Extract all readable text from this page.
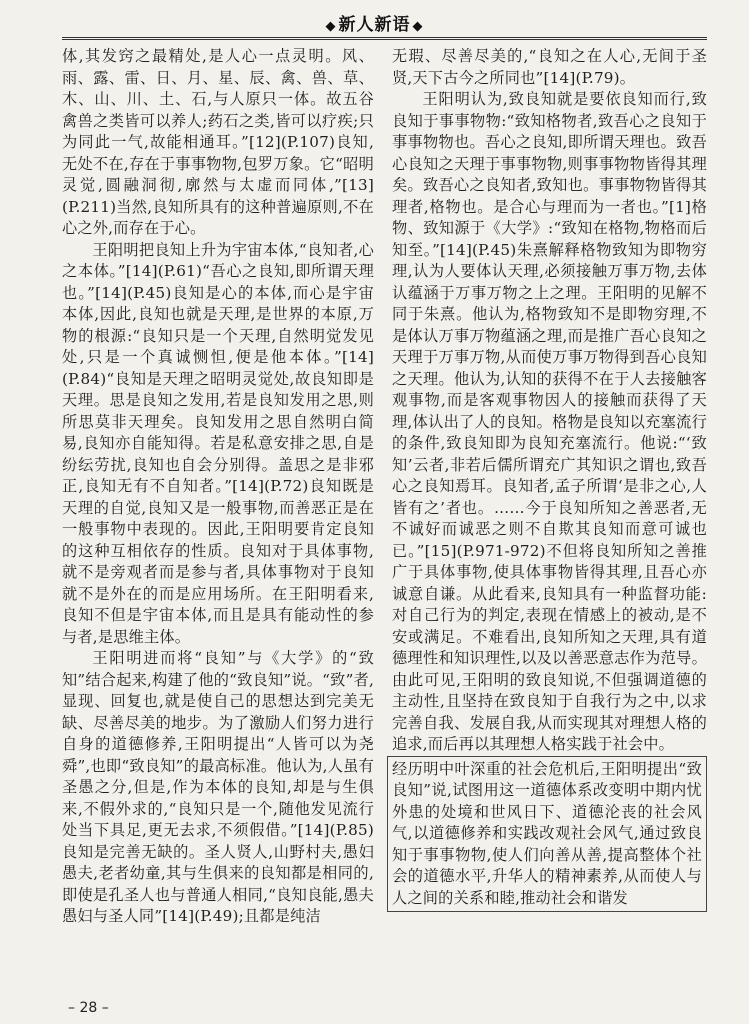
◆ 新人新语 ◆

体,其发窍之最精处,是人心一点灵明。风、雨、露、雷、日、月、星、辰、禽、兽、草、木、山、川、土、石,与人原只一体。故五谷禽兽之类皆可以养人;药石之类,皆可以疗疾;只为同此一气,故能相通耳。”[12](P.107)良知,无处不在,存在于事事物物,包罗万象。它“昭明灵觉,圆融洞彻,廓然与太虚而同体,”[13](P.211)当然,良知所具有的这种普遍原则,不在心之外,而存在于心。

王阳明把良知上升为宇宙本体,“良知者,心之本体。”[14](P.61)“吾心之良知,即所谓天理也。”[14](P.45)良知是心的本体,而心是宇宙本体,因此,良知也就是天理,是世界的本原,万物的根源:“良知只是一个天理,自然明觉发见处,只是一个真诚恻怛,便是他本体。”[14](P.84)“良知是天理之昭明灵觉处,故良知即是天理。思是良知之发用,若是良知发用之思,则所思莫非天理矣。良知发用之思自然明白简易,良知亦自能知得。若是私意安排之思,自是纷纭劳扰,良知也自会分别得。盖思之是非邪正,良知无有不自知者。”[14](P.72)良知既是天理的自觉,良知又是一般事物,而善恶正是在一般事物中表现的。因此,王阳明要肯定良知的这种互相依存的性质。良知对于具体事物,就不是旁观者而是参与者,具体事物对于良知就不是外在的而是应用场所。在王阳明看来,良知不但是宇宙本体,而且是具有能动性的参与者,是思维主体。

王阳明进而将“良知”与《大学》的“致知”结合起来,构建了他的“致良知”说。“致”者,显现、回复也,就是使自己的思想达到完美无缺、尽善尽美的地步。为了激励人们努力进行自身的道德修养,王阳明提出“人皆可以为尧舜”,也即“致良知”的最高标准。他认为,人虽有圣愚之分,但是,作为本体的良知,却是与生俱来,不假外求的,“良知只是一个,随他发见流行处当下具足,更无去求,不须假借。”[14](P.85)良知是完善无缺的。圣人贤人,山野村夫,愚妇愚夫,老者幼童,其与生俱来的良知都是相同的,即使是孔圣人也与普通人相同,“良知良能,愚夫愚妇与圣人同”[14](P.49);且都是纯洁

无瑕、尽善尽美的,“良知之在人心,无间于圣贤,天下古今之所同也”[14](P.79)。

王阳明认为,致良知就是要依良知而行,致良知于事事物物:“致知格物者,致吾心之良知于事事物物也。吾心之良知,即所谓天理也。致吾心良知之天理于事事物物,则事事物物皆得其理矣。致吾心之良知者,致知也。事事物物皆得其理者,格物也。是合心与理而为一者也。”[1]格物、致知源于《大学》:“致知在格物,物格而后知至。”[14](P.45)朱熹解释格物致知为即物穷理,认为人要体认天理,必须接触万事万物,去体认蕴涵于万事万物之上之理。王阳明的见解不同于朱熹。他认为,格物致知不是即物穷理,不是体认万事万物蕴涵之理,而是推广吾心良知之天理于万事万物,从而使万事万物得到吾心良知之天理。他认为,认知的获得不在于人去接触客观事物,而是客观事物因人的接触而获得了天理,体认出了人的良知。格物是良知以充塞流行的条件,致良知即为良知充塞流行。他说:“‘致知’云者,非若后儒所谓充广其知识之谓也,致吾心之良知焉耳。良知者,孟子所谓‘是非之心,人皆有之’者也。……今于良知所知之善恶者,无不诚好而诚恶之则不自欺其良知而意可诚也已。”[15](P.971-972)不但将良知所知之善推广于具体事物,使具体事物皆得其理,且吾心亦诚意自谦。从此看来,良知具有一种监督功能:对自己行为的判定,表现在情感上的被动,是不安或满足。不难看出,良知所知之天理,具有道德理性和知识理性,以及以善恶意志作为范导。由此可见,王阳明的致良知说,不但强调道德的主动性,且坚持在致良知于自我行为之中,以求完善自我、发展自我,从而实现其对理想人格的追求,而后再以其理想人格实践于社会中。

经历明中叶深重的社会危机后,王阳明提出“致良知”说,试图用这一道德体系改变明中期内忧外患的处境和世风日下、道德沦丧的社会风气,以道德修养和实践改观社会风气,通过致良知于事事物物,使人们向善从善,提高整体个社会的道德水平,升华人的精神素养,从而使人与人之间的关系和睦,推动社会和谐发

– 28 –
